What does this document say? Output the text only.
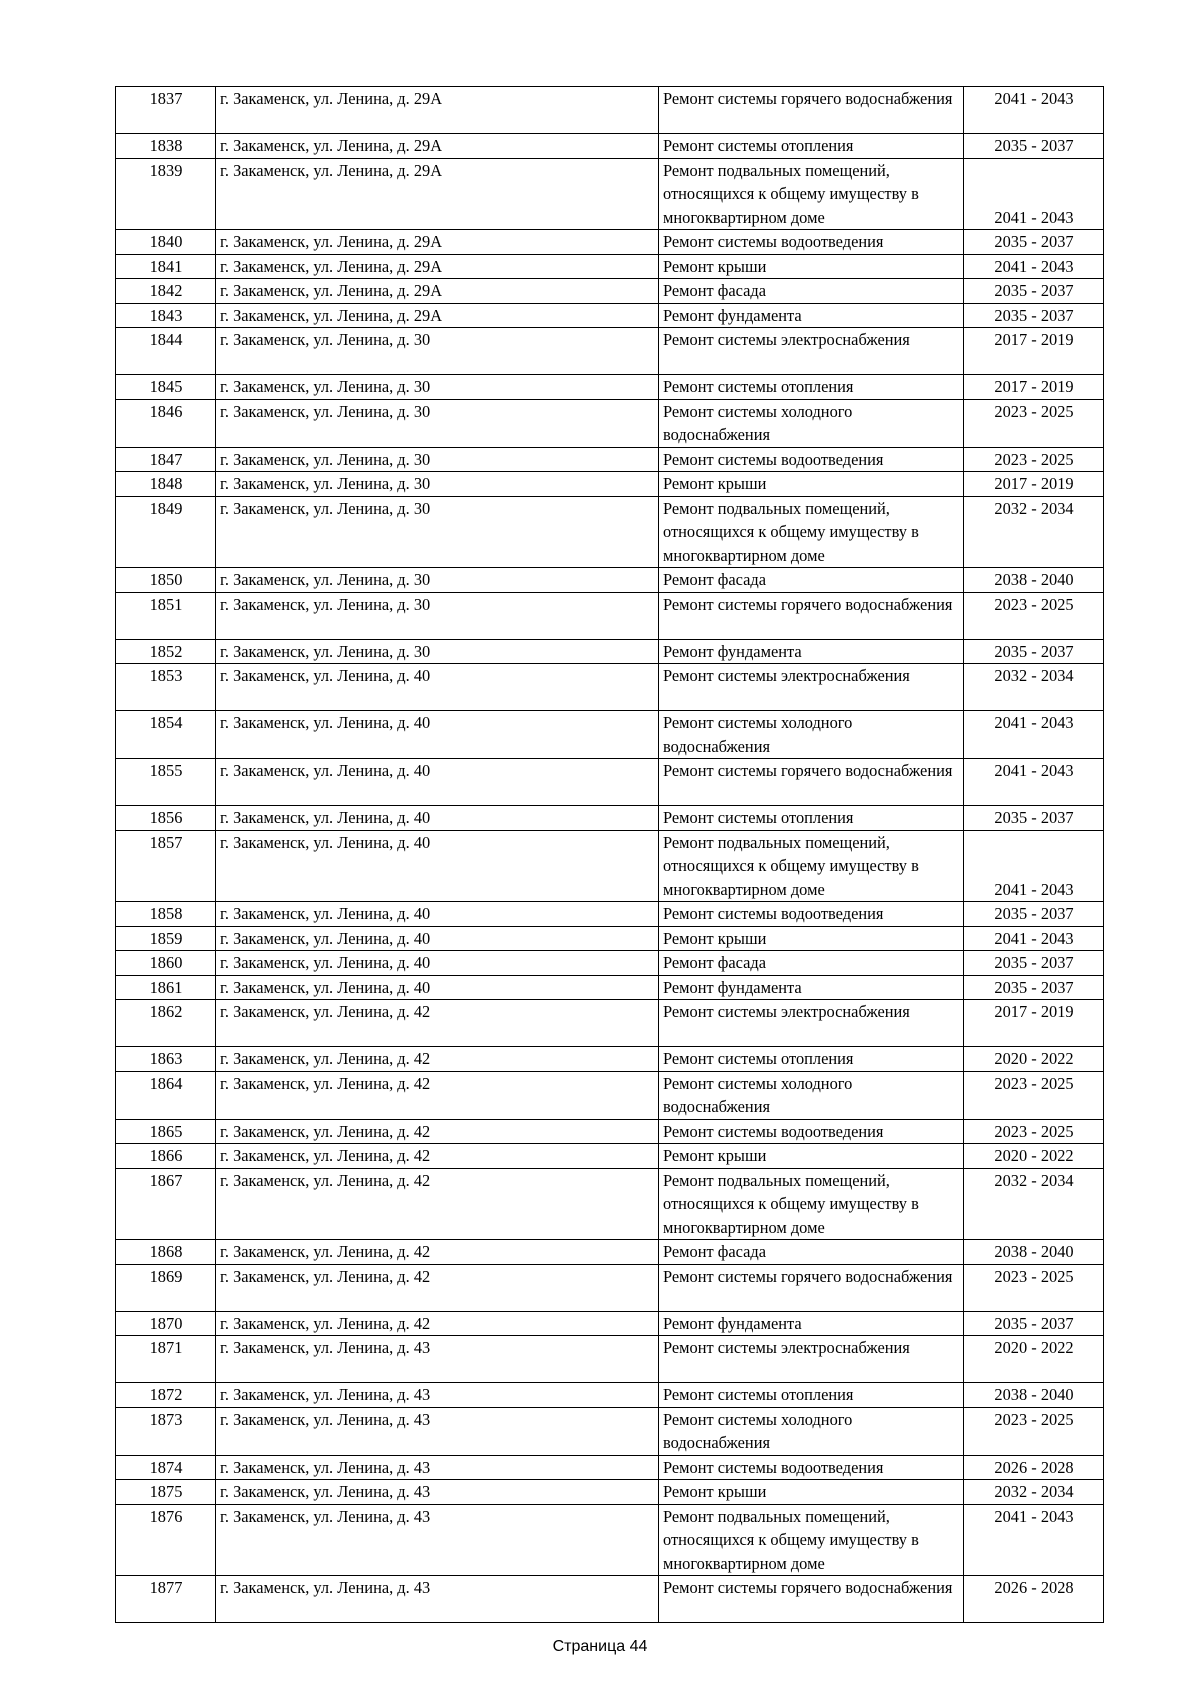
1837	г. Закаменск, ул. Ленина, д. 29А	Ремонт системы горячего водоснабжения	2041 - 2043
1838	г. Закаменск, ул. Ленина, д. 29А	Ремонт системы отопления	2035 - 2037
1839	г. Закаменск, ул. Ленина, д. 29А	Ремонт подвальных помещений, относящихся к общему имуществу в многоквартирном доме	2041 - 2043
1840	г. Закаменск, ул. Ленина, д. 29А	Ремонт системы водоотведения	2035 - 2037
1841	г. Закаменск, ул. Ленина, д. 29А	Ремонт крыши	2041 - 2043
1842	г. Закаменск, ул. Ленина, д. 29А	Ремонт фасада	2035 - 2037
1843	г. Закаменск, ул. Ленина, д. 29А	Ремонт фундамента	2035 - 2037
1844	г. Закаменск, ул. Ленина, д. 30	Ремонт системы электроснабжения	2017 - 2019
1845	г. Закаменск, ул. Ленина, д. 30	Ремонт системы отопления	2017 - 2019
1846	г. Закаменск, ул. Ленина, д. 30	Ремонт системы холодного водоснабжения	2023 - 2025
1847	г. Закаменск, ул. Ленина, д. 30	Ремонт системы водоотведения	2023 - 2025
1848	г. Закаменск, ул. Ленина, д. 30	Ремонт крыши	2017 - 2019
1849	г. Закаменск, ул. Ленина, д. 30	Ремонт подвальных помещений, относящихся к общему имуществу в многоквартирном доме	2032 - 2034
1850	г. Закаменск, ул. Ленина, д. 30	Ремонт фасада	2038 - 2040
1851	г. Закаменск, ул. Ленина, д. 30	Ремонт системы горячего водоснабжения	2023 - 2025
1852	г. Закаменск, ул. Ленина, д. 30	Ремонт фундамента	2035 - 2037
1853	г. Закаменск, ул. Ленина, д. 40	Ремонт системы электроснабжения	2032 - 2034
1854	г. Закаменск, ул. Ленина, д. 40	Ремонт системы холодного водоснабжения	2041 - 2043
1855	г. Закаменск, ул. Ленина, д. 40	Ремонт системы горячего водоснабжения	2041 - 2043
1856	г. Закаменск, ул. Ленина, д. 40	Ремонт системы отопления	2035 - 2037
1857	г. Закаменск, ул. Ленина, д. 40	Ремонт подвальных помещений, относящихся к общему имуществу в многоквартирном доме	2041 - 2043
1858	г. Закаменск, ул. Ленина, д. 40	Ремонт системы водоотведения	2035 - 2037
1859	г. Закаменск, ул. Ленина, д. 40	Ремонт крыши	2041 - 2043
1860	г. Закаменск, ул. Ленина, д. 40	Ремонт фасада	2035 - 2037
1861	г. Закаменск, ул. Ленина, д. 40	Ремонт фундамента	2035 - 2037
1862	г. Закаменск, ул. Ленина, д. 42	Ремонт системы электроснабжения	2017 - 2019
1863	г. Закаменск, ул. Ленина, д. 42	Ремонт системы отопления	2020 - 2022
1864	г. Закаменск, ул. Ленина, д. 42	Ремонт системы холодного водоснабжения	2023 - 2025
1865	г. Закаменск, ул. Ленина, д. 42	Ремонт системы водоотведения	2023 - 2025
1866	г. Закаменск, ул. Ленина, д. 42	Ремонт крыши	2020 - 2022
1867	г. Закаменск, ул. Ленина, д. 42	Ремонт подвальных помещений, относящихся к общему имуществу в многоквартирном доме	2032 - 2034
1868	г. Закаменск, ул. Ленина, д. 42	Ремонт фасада	2038 - 2040
1869	г. Закаменск, ул. Ленина, д. 42	Ремонт системы горячего водоснабжения	2023 - 2025
1870	г. Закаменск, ул. Ленина, д. 42	Ремонт фундамента	2035 - 2037
1871	г. Закаменск, ул. Ленина, д. 43	Ремонт системы электроснабжения	2020 - 2022
1872	г. Закаменск, ул. Ленина, д. 43	Ремонт системы отопления	2038 - 2040
1873	г. Закаменск, ул. Ленина, д. 43	Ремонт системы холодного водоснабжения	2023 - 2025
1874	г. Закаменск, ул. Ленина, д. 43	Ремонт системы водоотведения	2026 - 2028
1875	г. Закаменск, ул. Ленина, д. 43	Ремонт крыши	2032 - 2034
1876	г. Закаменск, ул. Ленина, д. 43	Ремонт подвальных помещений, относящихся к общему имуществу в многоквартирном доме	2041 - 2043
1877	г. Закаменск, ул. Ленина, д. 43	Ремонт системы горячего водоснабжения	2026 - 2028
Страница 44
